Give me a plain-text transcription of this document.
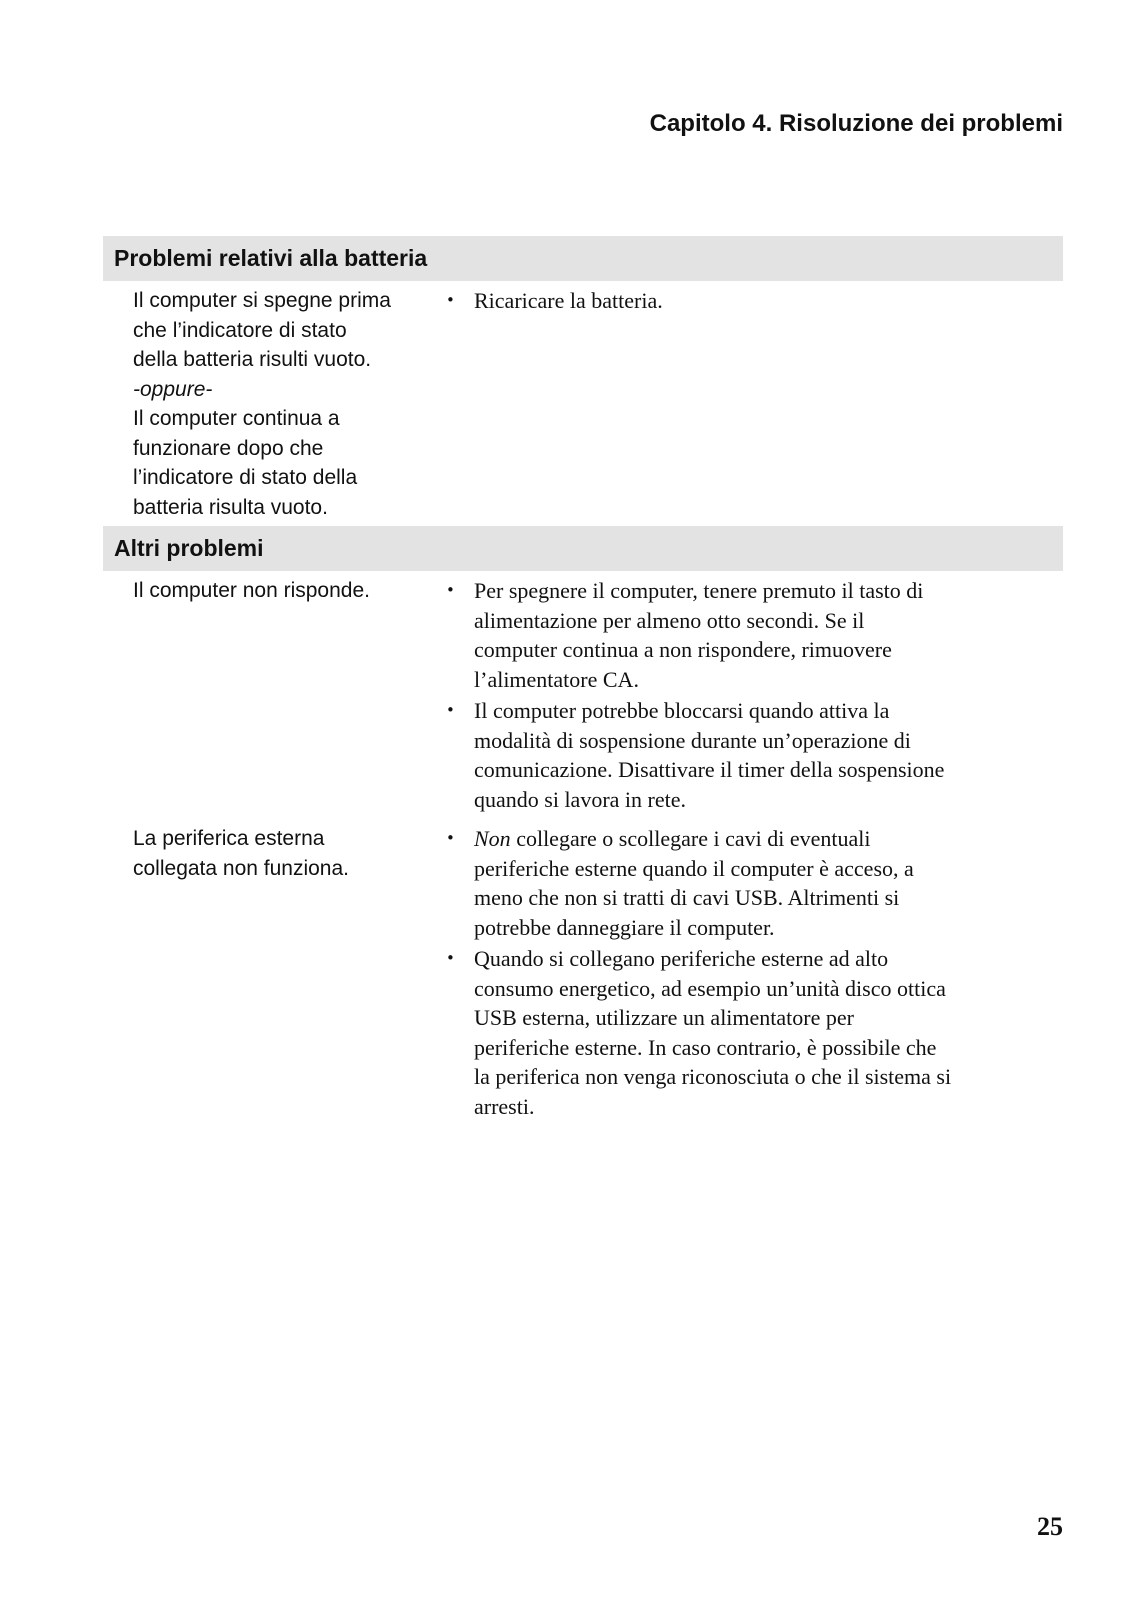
Capitolo 4. Risoluzione dei problemi
Problemi relativi alla batteria
Il computer si spegne prima
che l’indicatore di stato
della batteria risulti vuoto.
-oppure-
Il computer continua a
funzionare dopo che
l’indicatore di stato della
batteria risulta vuoto.
• Ricaricare la batteria.
Altri problemi
Il computer non risponde.	• Per spegnere il computer, tenere premuto il tasto di
alimentazione per almeno otto secondi. Se il
computer continua a non rispondere, rimuovere
l’alimentatore CA.
• Il computer potrebbe bloccarsi quando attiva la
modalità di sospensione durante un’operazione di
comunicazione. Disattivare il timer della sospensione
quando si lavora in rete.
La periferica esterna
collegata non funziona.
• Non collegare o scollegare i cavi di eventuali
periferiche esterne quando il computer è acceso, a
meno che non si tratti di cavi USB. Altrimenti si
potrebbe danneggiare il computer.
• Quando si collegano periferiche esterne ad alto
consumo energetico, ad esempio un’unità disco ottica
USB esterna, utilizzare un alimentatore per
periferiche esterne. In caso contrario, è possibile che
la periferica non venga riconosciuta o che il sistema si
arresti.
25
